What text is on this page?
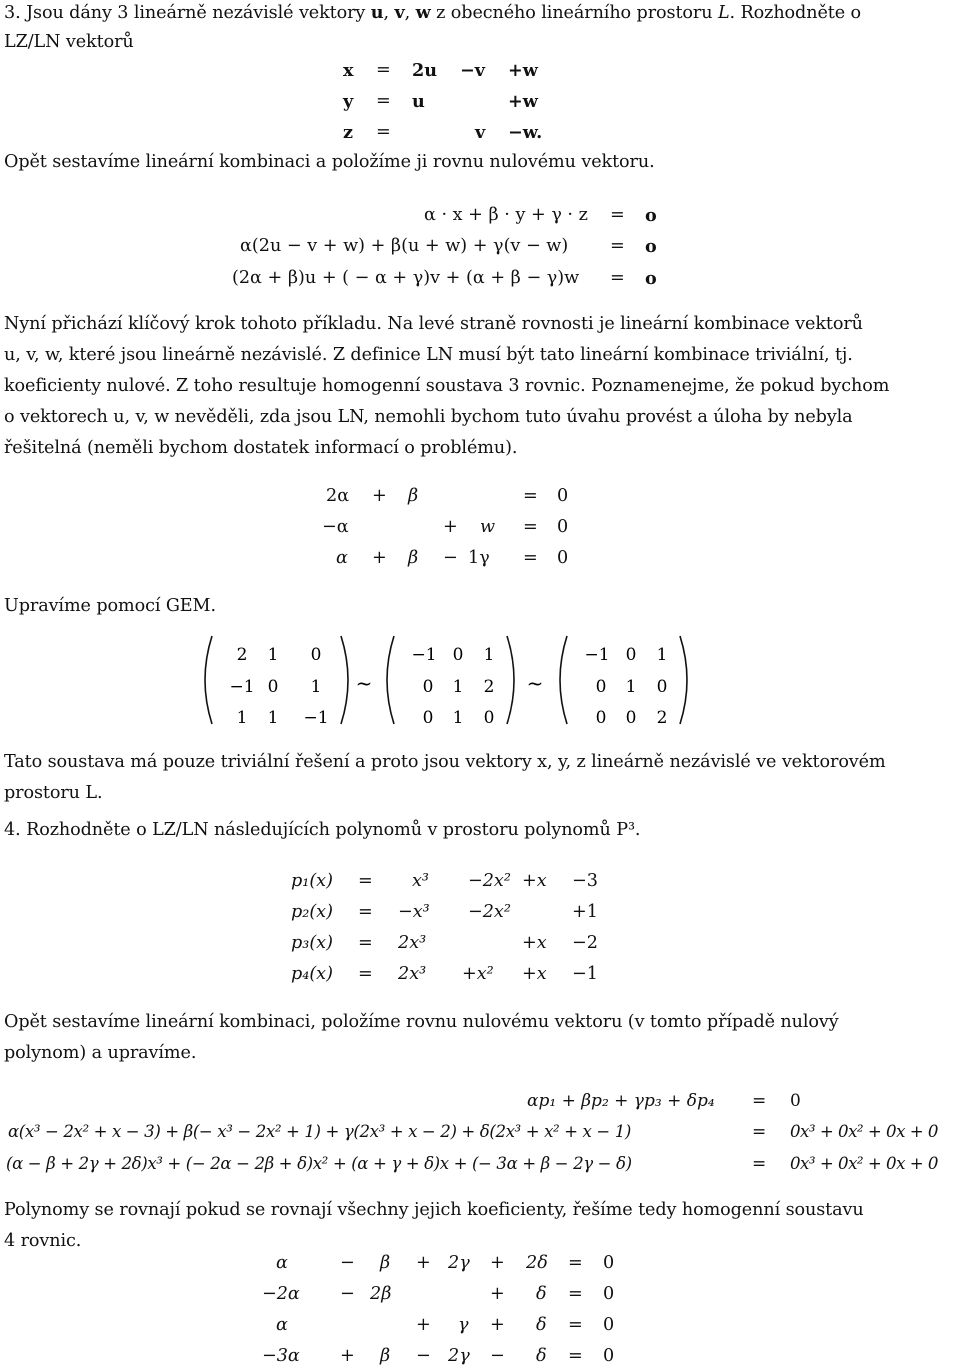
3. Jsou dány 3 lineárně nezávislé vektory u, v, w z obecného lineárního prostoru L. Rozhodněte o
LZ/LN vektorů
x = 2u −v +w
y = u	+w
z =	v −w.
Opět sestavíme lineární kombinaci a položíme ji rovnu nulovému vektoru.
α · x + β · y + γ · z = o
α(2u − v + w) + β(u + w) + γ(v − w) = o
(2α + β)u + ( − α + γ)v + (α + β − γ)w = o
Nyní přichází klíčový krok tohoto příkladu. Na levé straně rovnosti je lineární kombinace vektorů
u, v, w, které jsou lineárně nezávislé. Z definice LN musí být tato lineární kombinace triviální, tj.
koeficienty nulové. Z toho resultuje homogenní soustava 3 rovnic. Poznamenejme, že pokud bychom
o vektorech u, v, w nevěděli, zda jsou LN, nemohli bychom tuto úvahu provést a úloha by nebyla
řešitelná (neměli bychom dostatek informací o problému).
2α + β	= 0
−α	+ w = 0
α + β − 1γ = 0
Upravíme pomocí GEM.
2 1 0
−1 0 1
1 1 −1
~
−1 0 1
0 1 2
0 1 0
~
−1 0 1
0 1 0
0 0 2
Tato soustava má pouze triviální řešení a proto jsou vektory x, y, z lineárně nezávislé ve vektorovém
prostoru L.
4. Rozhodněte o LZ/LN následujících polynomů v prostoru polynomů P³.
p₁(x) = x³ −2x² +x −3
p₂(x) = −x³ −2x²	+1
p₃(x) = 2x³	+x −2
p₄(x) = 2x³ +x² +x −1
Opět sestavíme lineární kombinaci, položíme rovnu nulovému vektoru (v tomto případě nulový
polynom) a upravíme.
αp₁ + βp₂ + γp₃ + δp₄ = 0
α(x³ − 2x² + x − 3) + β(− x³ − 2x² + 1) + γ(2x³ + x − 2) + δ(2x³ + x² + x − 1)	= 0x³ + 0x² + 0x + 0
(α − β + 2γ + 2δ)x³ + (− 2α − 2β + δ)x² + (α + γ + δ)x + (− 3α + β − 2γ − δ)	= 0x³ + 0x² + 0x + 0
Polynomy se rovnají pokud se rovnají všechny jejich koeficienty, řešíme tedy homogenní soustavu
4 rovnic.
α	− β + 2γ + 2δ = 0
−2α − 2β	+ δ = 0
α	+ γ + δ = 0
−3α + β − 2γ − δ = 0
